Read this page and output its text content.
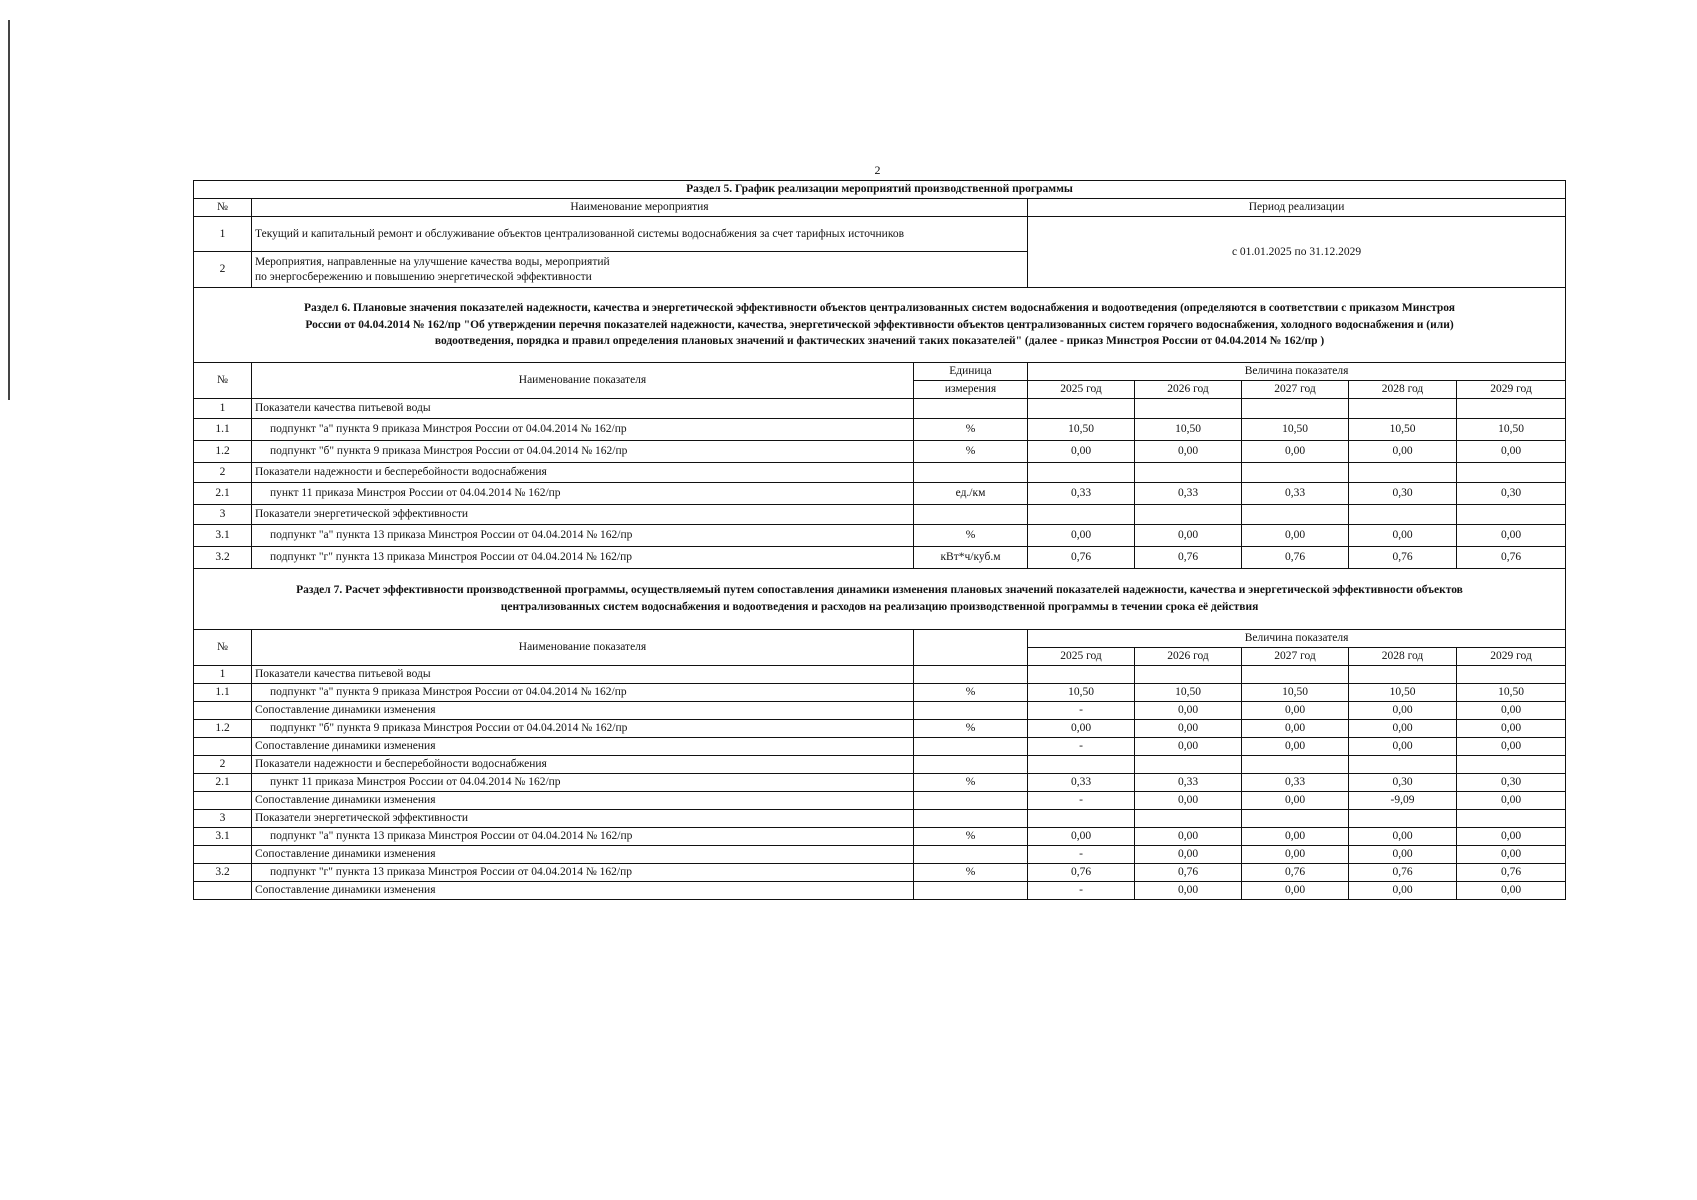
2
Раздел 5. График реализации мероприятий производственной программы							
№	Наименование мероприятия		Период реализации				
1	Текущий и капитальный ремонт и обслуживание объектов централизованной системы водоснабжения за счет тарифных источников		с 01.01.2025 по 31.12.2029				
2	Мероприятия, направленные на улучшение качества воды, мероприятий
по энергосбережению и повышению энергетической эффективности						

Раздел 6. Плановые значения показателей надежности, качества и энергетической эффективности объектов централизованных систем водоснабжения и водоотведения (определяются в соответствии с приказом Минстроя
России от 04.04.2014 № 162/пр "Об утверждении перечня показателей надежности, качества, энергетической эффективности объектов централизованных систем горячего водоснабжения, холодного водоснабжения и (или)
водоотведения, порядка и правил определения плановых значений и фактических значений таких показателей" (далее - приказ Минстроя России от 04.04.2014 № 162/пр )							

№	Наименование показателя	Единица	Величина показателя				
		измерения	2025 год	2026 год	2027 год	2028 год	2029 год
1	Показатели качества питьевой воды						
1.1	подпункт "а" пункта 9 приказа Минстроя России от 04.04.2014 № 162/пр	%	10,50	10,50	10,50	10,50	10,50
1.2	подпункт "б" пункта 9 приказа Минстроя России от 04.04.2014 № 162/пр	%	0,00	0,00	0,00	0,00	0,00
2	Показатели надежности и бесперебойности водоснабжения						
2.1	пункт 11 приказа Минстроя России от 04.04.2014 № 162/пр	ед./км	0,33	0,33	0,33	0,30	0,30
3	Показатели энергетической эффективности						
3.1	подпункт "а" пункта 13 приказа Минстроя России от 04.04.2014 № 162/пр	%	0,00	0,00	0,00	0,00	0,00
3.2	подпункт "г" пункта 13 приказа Минстроя России от 04.04.2014 № 162/пр	кВт*ч/куб.м	0,76	0,76	0,76	0,76	0,76

Раздел 7. Расчет эффективности производственной программы, осуществляемый путем сопоставления динамики изменения плановых значений показателей надежности, качества и энергетической эффективности объектов
централизованных систем водоснабжения и водоотведения и расходов на реализацию производственной программы в течении срока её действия							

№	Наименование показателя		Величина показателя				
			2025 год	2026 год	2027 год	2028 год	2029 год
1	Показатели качества питьевой воды						
1.1	подпункт "а" пункта 9 приказа Минстроя России от 04.04.2014 № 162/пр	%	10,50	10,50	10,50	10,50	10,50
	Сопоставление динамики изменения		-	0,00	0,00	0,00	0,00
1.2	подпункт "б" пункта 9 приказа Минстроя России от 04.04.2014 № 162/пр	%	0,00	0,00	0,00	0,00	0,00
	Сопоставление динамики изменения		-	0,00	0,00	0,00	0,00
2	Показатели надежности и бесперебойности водоснабжения						
2.1	пункт 11 приказа Минстроя России от 04.04.2014 № 162/пр	%	0,33	0,33	0,33	0,30	0,30
	Сопоставление динамики изменения		-	0,00	0,00	-9,09	0,00
3	Показатели энергетической эффективности						
3.1	подпункт "а" пункта 13 приказа Минстроя России от 04.04.2014 № 162/пр	%	0,00	0,00	0,00	0,00	0,00
	Сопоставление динамики изменения		-	0,00	0,00	0,00	0,00
3.2	подпункт "г" пункта 13 приказа Минстроя России от 04.04.2014 № 162/пр	%	0,76	0,76	0,76	0,76	0,76
	Сопоставление динамики изменения		-	0,00	0,00	0,00	0,00
